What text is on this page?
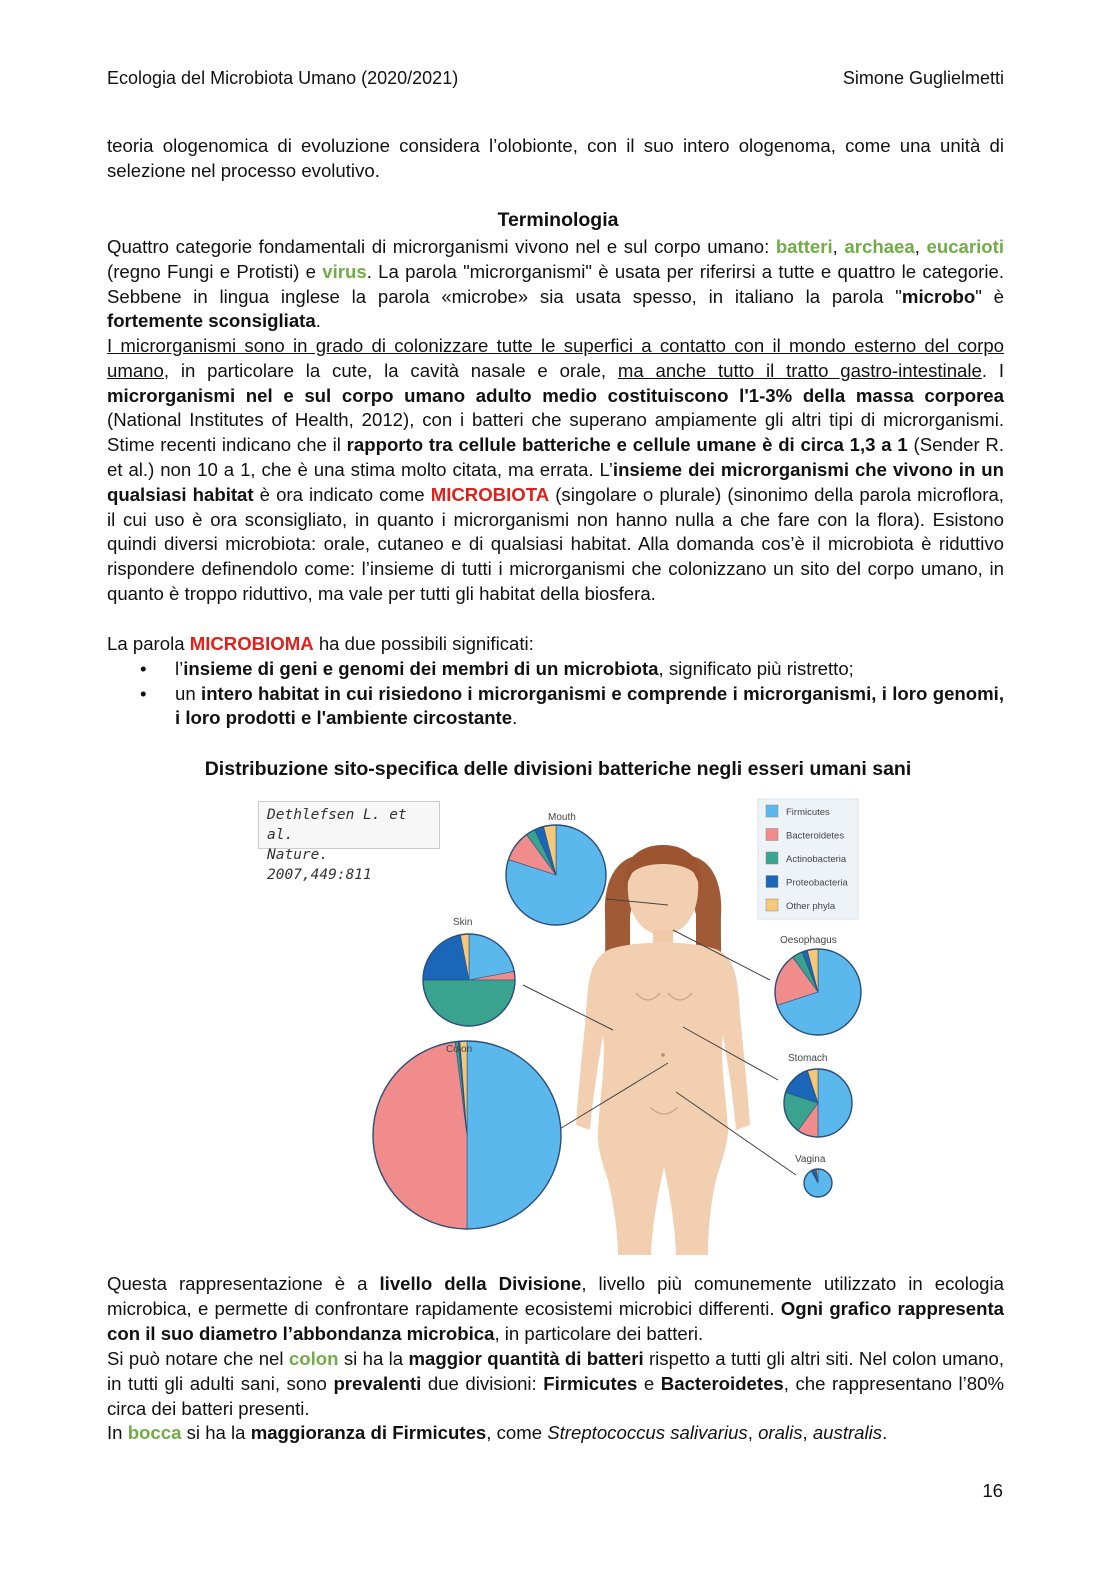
Ecologia del Microbiota Umano (2020/2021)	Simone Guglielmetti
teoria ologenomica di evoluzione considera l’olobionte, con il suo intero ologenoma, come una unità di selezione nel processo evolutivo.
Terminologia
Quattro categorie fondamentali di microrganismi vivono nel e sul corpo umano: batteri, archaea, eucarioti (regno Fungi e Protisti) e virus. La parola "microrganismi" è usata per riferirsi a tutte e quattro le categorie. Sebbene in lingua inglese la parola «microbe» sia usata spesso, in italiano la parola "microbo" è fortemente sconsigliata.
I microrganismi sono in grado di colonizzare tutte le superfici a contatto con il mondo esterno del corpo umano, in particolare la cute, la cavità nasale e orale, ma anche tutto il tratto gastro-intestinale. I microrganismi nel e sul corpo umano adulto medio costituiscono l'1-3% della massa corporea (National Institutes of Health, 2012), con i batteri che superano ampiamente gli altri tipi di microrganismi. Stime recenti indicano che il rapporto tra cellule batteriche e cellule umane è di circa 1,3 a 1 (Sender R. et al.) non 10 a 1, che è una stima molto citata, ma errata. L’insieme dei microrganismi che vivono in un qualsiasi habitat è ora indicato come MICROBIOTA (singolare o plurale) (sinonimo della parola microflora, il cui uso è ora sconsigliato, in quanto i microrganismi non hanno nulla a che fare con la flora). Esistono quindi diversi microbiota: orale, cutaneo e di qualsiasi habitat. Alla domanda cos’è il microbiota è riduttivo rispondere definendolo come: l’insieme di tutti i microrganismi che colonizzano un sito del corpo umano, in quanto è troppo riduttivo, ma vale per tutti gli habitat della biosfera.
La parola MICROBIOMA ha due possibili significati:
• l’insieme di geni e genomi dei membri di un microbiota, significato più ristretto;
• un intero habitat in cui risiedono i microrganismi e comprende i microrganismi, i loro genomi, i loro prodotti e l'ambiente circostante.
Distribuzione sito-specifica delle divisioni batteriche negli esseri umani sani
Dethlefsen L. et al.
Nature. 2007,449:811
Firmicutes
Bacteroidetes
Actinobacteria
Proteobacteria
Other phyla
Mouth
Skin
Colon
Oesophagus
Stomach
Vagina
Questa rappresentazione è a livello della Divisione, livello più comunemente utilizzato in ecologia microbica, e permette di confrontare rapidamente ecosistemi microbici differenti. Ogni grafico rappresenta con il suo diametro l’abbondanza microbica, in particolare dei batteri.
Si può notare che nel colon si ha la maggior quantità di batteri rispetto a tutti gli altri siti. Nel colon umano, in tutti gli adulti sani, sono prevalenti due divisioni: Firmicutes e Bacteroidetes, che rappresentano l’80% circa dei batteri presenti.
In bocca si ha la maggioranza di Firmicutes, come Streptococcus salivarius, oralis, australis.
16
